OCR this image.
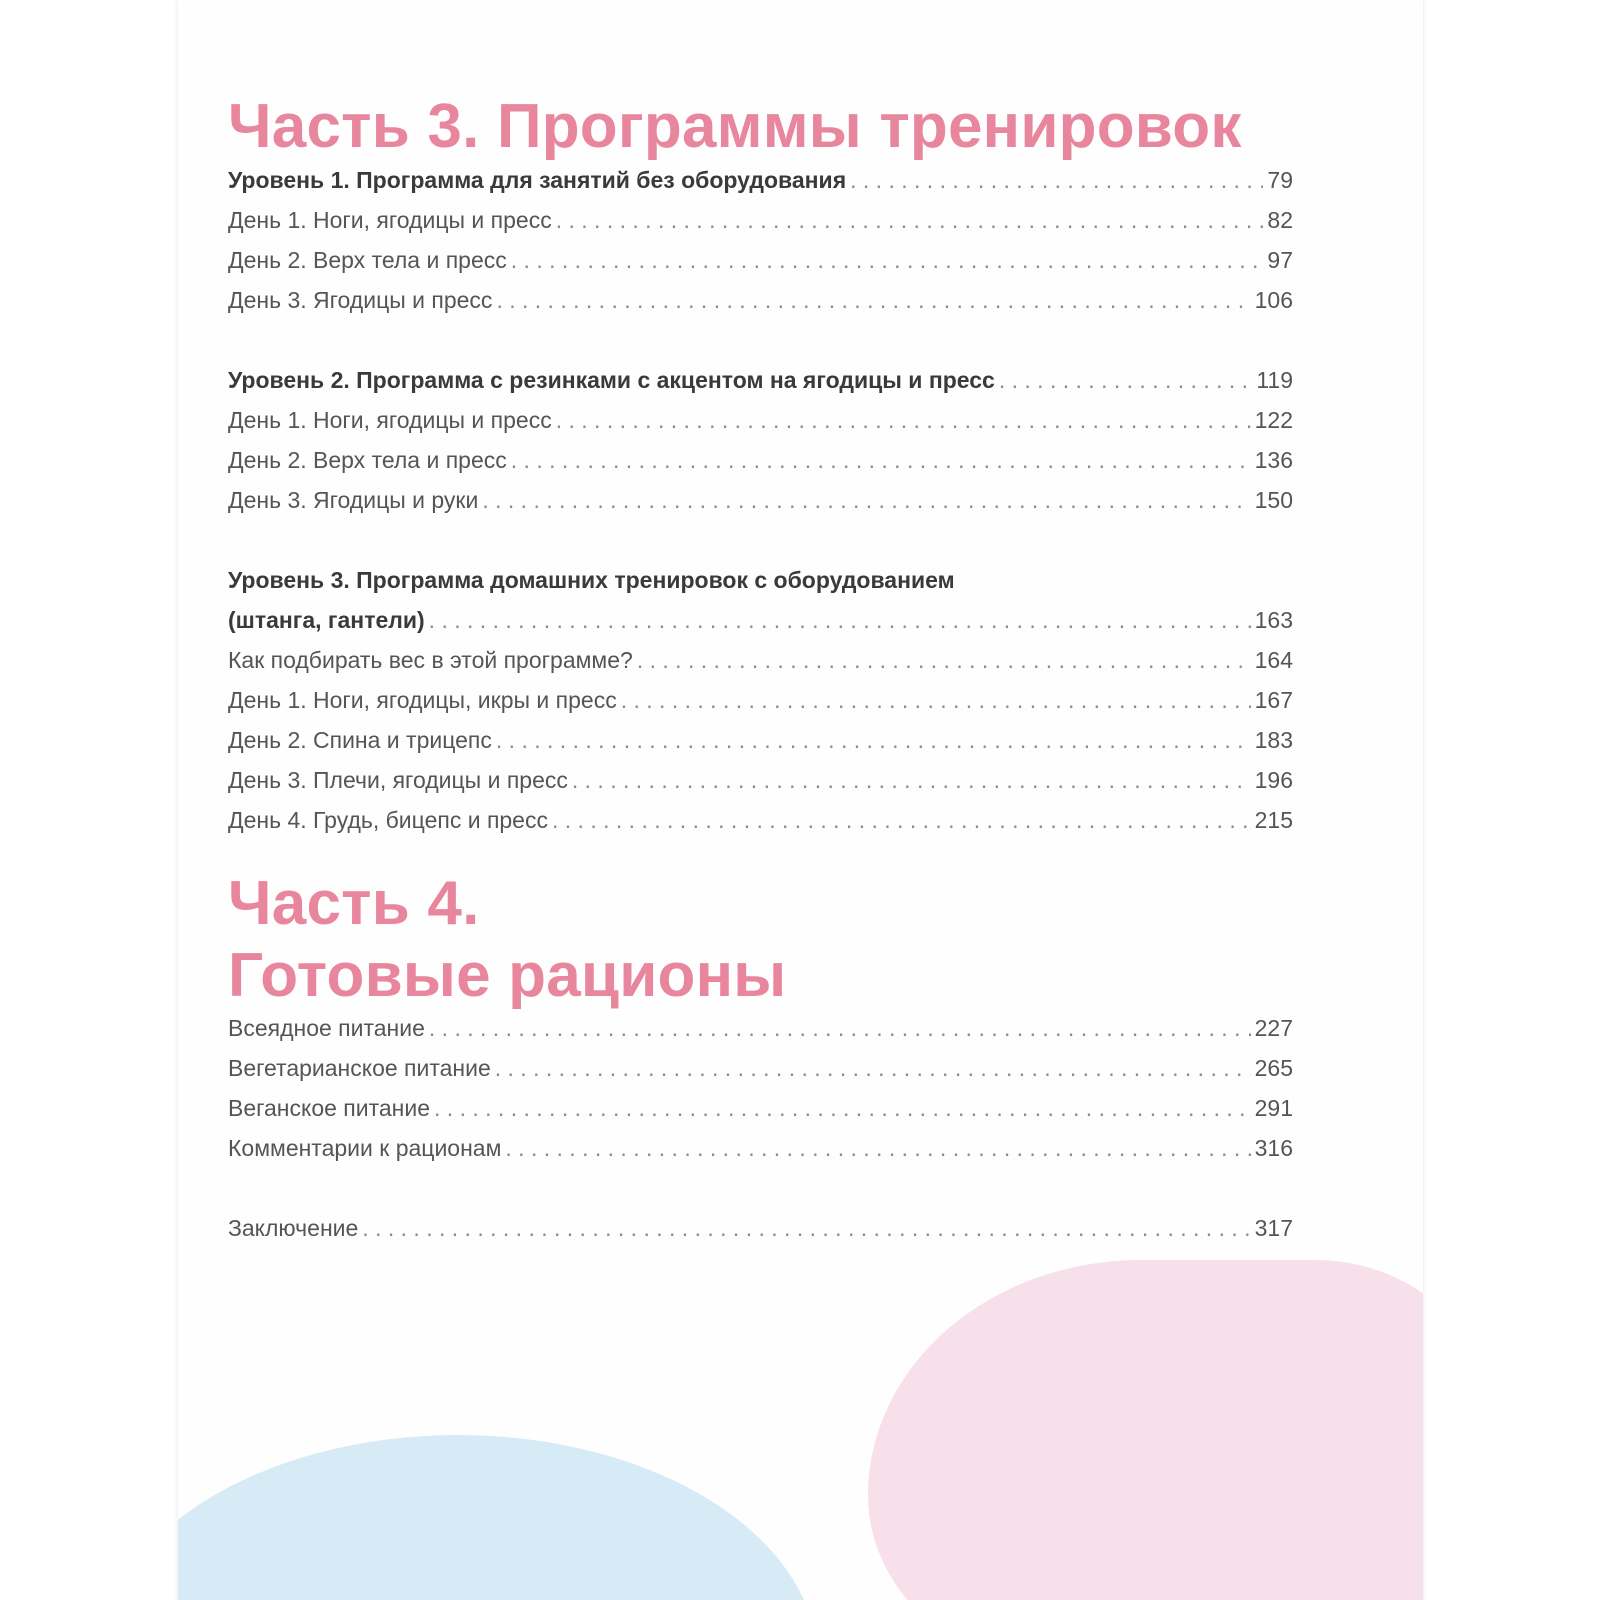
Часть 3. Программы тренировок
Уровень 1. Программа для занятий без оборудования . . .	79
День 1. Ноги, ягодицы и пресс . . .	82
День 2. Верх тела и пресс . . .	97
День 3. Ягодицы и пресс . . .	106
Уровень 2. Программа с резинками с акцентом на ягодицы и пресс . . .	119
День 1. Ноги, ягодицы и пресс . . .	122
День 2. Верх тела и пресс . . .	136
День 3. Ягодицы и руки . . .	150
Уровень 3. Программа домашних тренировок с оборудованием
(штанга, гантели) . . .	163
Как подбирать вес в этой программе? . . .	164
День 1. Ноги, ягодицы, икры и пресс . . .	167
День 2. Спина и трицепс . . .	183
День 3. Плечи, ягодицы и пресс . . .	196
День 4. Грудь, бицепс и пресс . . .	215
Часть 4.
Готовые рационы
Всеядное питание . . .	227
Вегетарианское питание . . .	265
Веганское питание . . .	291
Комментарии к рационам . . .	316
Заключение . . .	317
